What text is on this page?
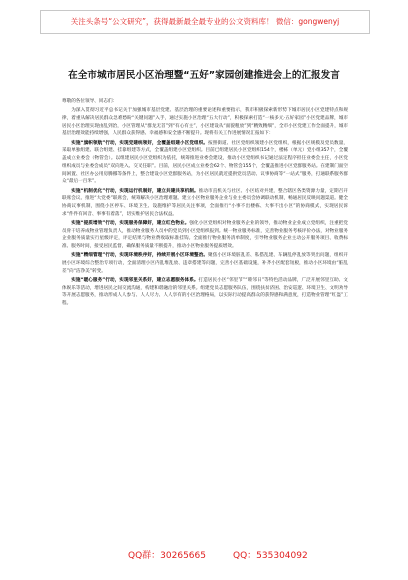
关注头条号“公文研究”，获得最新最全最专业的公文资料库！ 微信：gongwenyj
在全市城市居民小区治理暨“五好”家园创建推进会上的汇报发言

尊敬的各位领导、同志们：

为深入贯彻习近平总书记关于加强城市基层党建、基层治理的重要论述和重要指示，我市积极探索新形势下城市居民小区党建特点和规律，着重从解决居民群众急难愁盼“关键问题”入手，通过实施小区治理“五大行动”，积极探索打造“一核多元·五好家园”小区党建品牌，城市居民小区治理实现由乱到治，小区管理从“群龙无首”到“有心有主”，小区建设从“面貌粗放”到“精致精细”，全市小区党建工作全面提升，城市基层治理效能持续增强，人民群众获得感、幸福感和安全感不断提升。现将有关工作进展情况汇报如下：

实施“旗帜领航”行动，实现党建统领好，全覆盖组建小区党组织。按照街道、社区党组织领建小区党组织，根据小区规模及党员数量，采取单独组建、联合组建、挂靠组建等方式，全覆盖组建小区党组织。目前已组建居民小区党组织154个，楼栋（单元）党小组357个，全覆盖成立业委会（物管会）。以组建居民小区党组织为依托，统筹推进业委会建设，推动小区党组织书记通过法定程序担任业委会主任，小区党组织成员与业委会成员“双向进入、交叉任职”。目前，居民小区成立业委会62个、物管会155个，全覆盖推进小区党群服务站。在建制门面空间闲置、社区办公用房腾挪等条件上，整合建设小区党群服务站，为小区居民就近提供党员活动、议事协商等“一站式”服务，打通联系服务群众“最后一百米”。

实施“机制优化”行动，实现运行机制好，建立共建共享机制。推动市直机关与社区、小区结对共建，整合辖区各类资源力量，定期召开联席会议、推进“大党委”联席会，统筹解决小区治理难题。建立小区物业服务企业与业主委员会协调联动机制，畅通居民反映问题渠道。健全协商议事机制，围绕小区停车、环境卫生、设施维护等居民关注事项，全面推行“小事不出楼栋、大事不出小区”的协商模式，实现居民诉求“件件有回音、事事有着落”，切实维护居民合法权益。

实施“提质增效”行动，实现服务保障好，建立红色物业。强化小区党组织对物业服务企业的领导，推动物业企业成立党组织，注重把党员骨干培养成物业管理负责人，推动物业服务人员中的党员到小区党组织报到。统一物业服务标准，完善物业服务考核评价办法，对物业服务企业服务质量实行星级评定，评定结果与物业费收取标准挂钩。全面推行物业服务清单制度，引导物业服务企业主动公开服务项目、收费标准、服务时间，接受居民监督，确保服务质量不断提升，推动小区物业服务提质增效。

实施“精细管理”行动，实现环境秩序好，持续开展小区环境整治。聚焦小区环境脏乱差、私搭乱建、车辆乱停乱放等突出问题，组织开展小区环境综合整治专项行动，全面清理小区内乱堆乱放、违章搭建等问题，完善小区基础设施，补齐小区配套短板，推动小区环境由“脏乱差”向“洁净美”转变。

实施“暖心服务”行动，实现邻里关系好，建立志愿服务体系。打造居民小区“邻里节”“睦邻日”等特色活动品牌，广泛开展邻里互助、文体娱乐等活动，增进居民之间交流沟通，构建和谐融洽的邻里关系。组建党员志愿服务队伍，围绕扶贫济困、治安巡逻、环境卫生、文明劝导等开展志愿服务，推动形成人人参与、人人尽力、人人享有的小区治理格局，以实际行动提高群众的获得感和满意度，打造物业管理“红盔”工程。

QQ群：30265665	QQ：535304092
